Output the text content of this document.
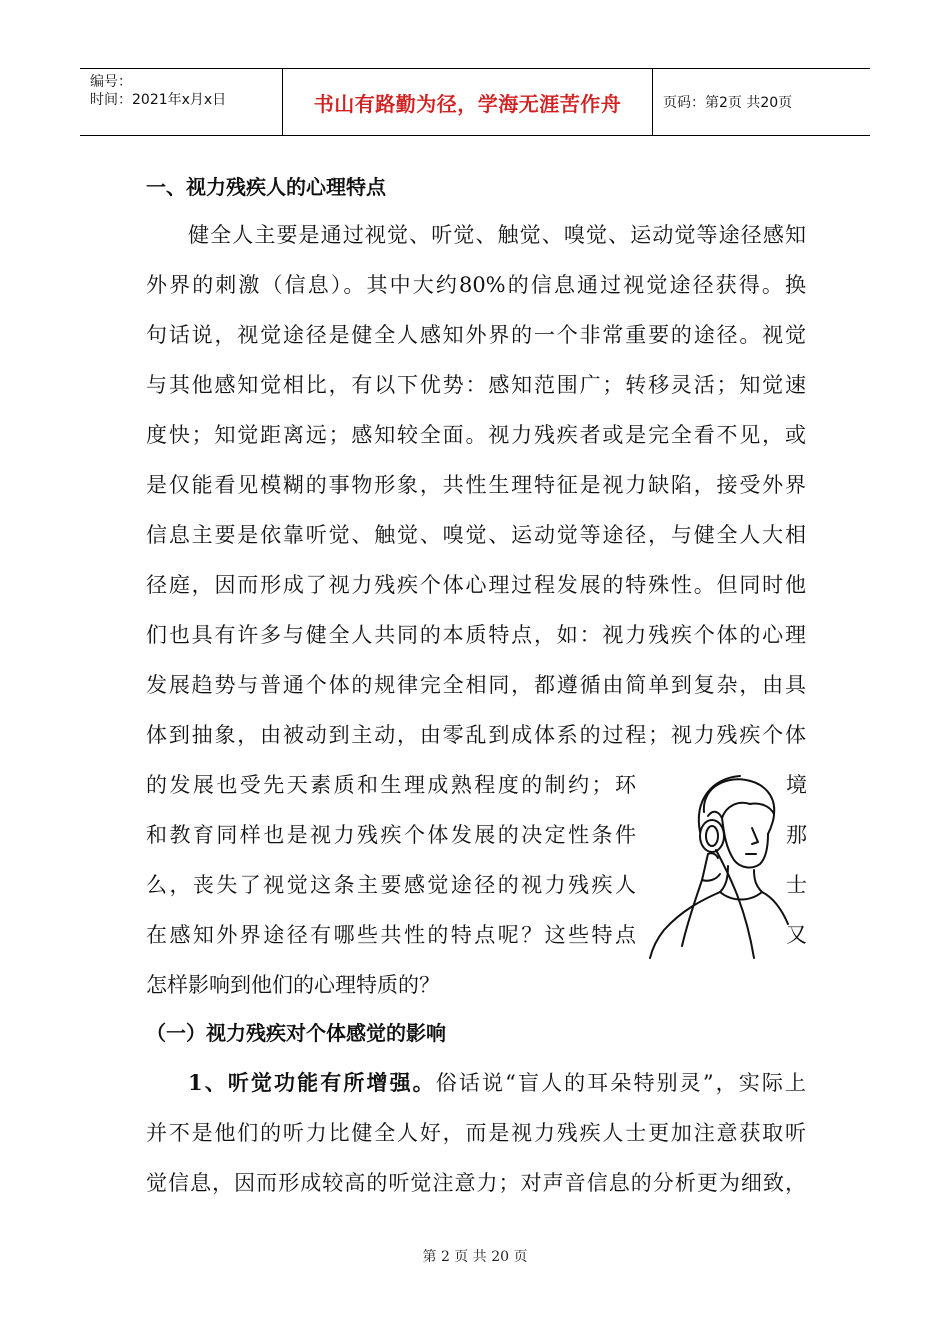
编号：
时间：2021年x月x日	书山有路勤为径，学海无涯苦作舟	页码：第2页 共20页
一、视力残疾人的心理特点
健全人主要是通过视觉、听觉、触觉、嗅觉、运动觉等途径感知
外界的刺激（信息）。其中大约80%的信息通过视觉途径获得。换
句话说，视觉途径是健全人感知外界的一个非常重要的途径。视觉
与其他感知觉相比，有以下优势：感知范围广；转移灵活；知觉速
度快；知觉距离远；感知较全面。视力残疾者或是完全看不见，或
是仅能看见模糊的事物形象，共性生理特征是视力缺陷，接受外界
信息主要是依靠听觉、触觉、嗅觉、运动觉等途径，与健全人大相
径庭，因而形成了视力残疾个体心理过程发展的特殊性。但同时他
们也具有许多与健全人共同的本质特点，如：视力残疾个体的心理
发展趋势与普通个体的规律完全相同，都遵循由简单到复杂，由具
体到抽象，由被动到主动，由零乱到成体系的过程；视力残疾个体
的发展也受先天素质和生理成熟程度的制约；环	境
和教育同样也是视力残疾个体发展的决定性条件	那
么，丧失了视觉这条主要感觉途径的视力残疾人	士
在感知外界途径有哪些共性的特点呢？这些特点	又
怎样影响到他们的心理特质的？
（一）视力残疾对个体感觉的影响
1、听觉功能有所增强。俗话说“盲人的耳朵特别灵”，实际上
并不是他们的听力比健全人好，而是视力残疾人士更加注意获取听
觉信息，因而形成较高的听觉注意力；对声音信息的分析更为细致，
第 2 页 共 20 页
